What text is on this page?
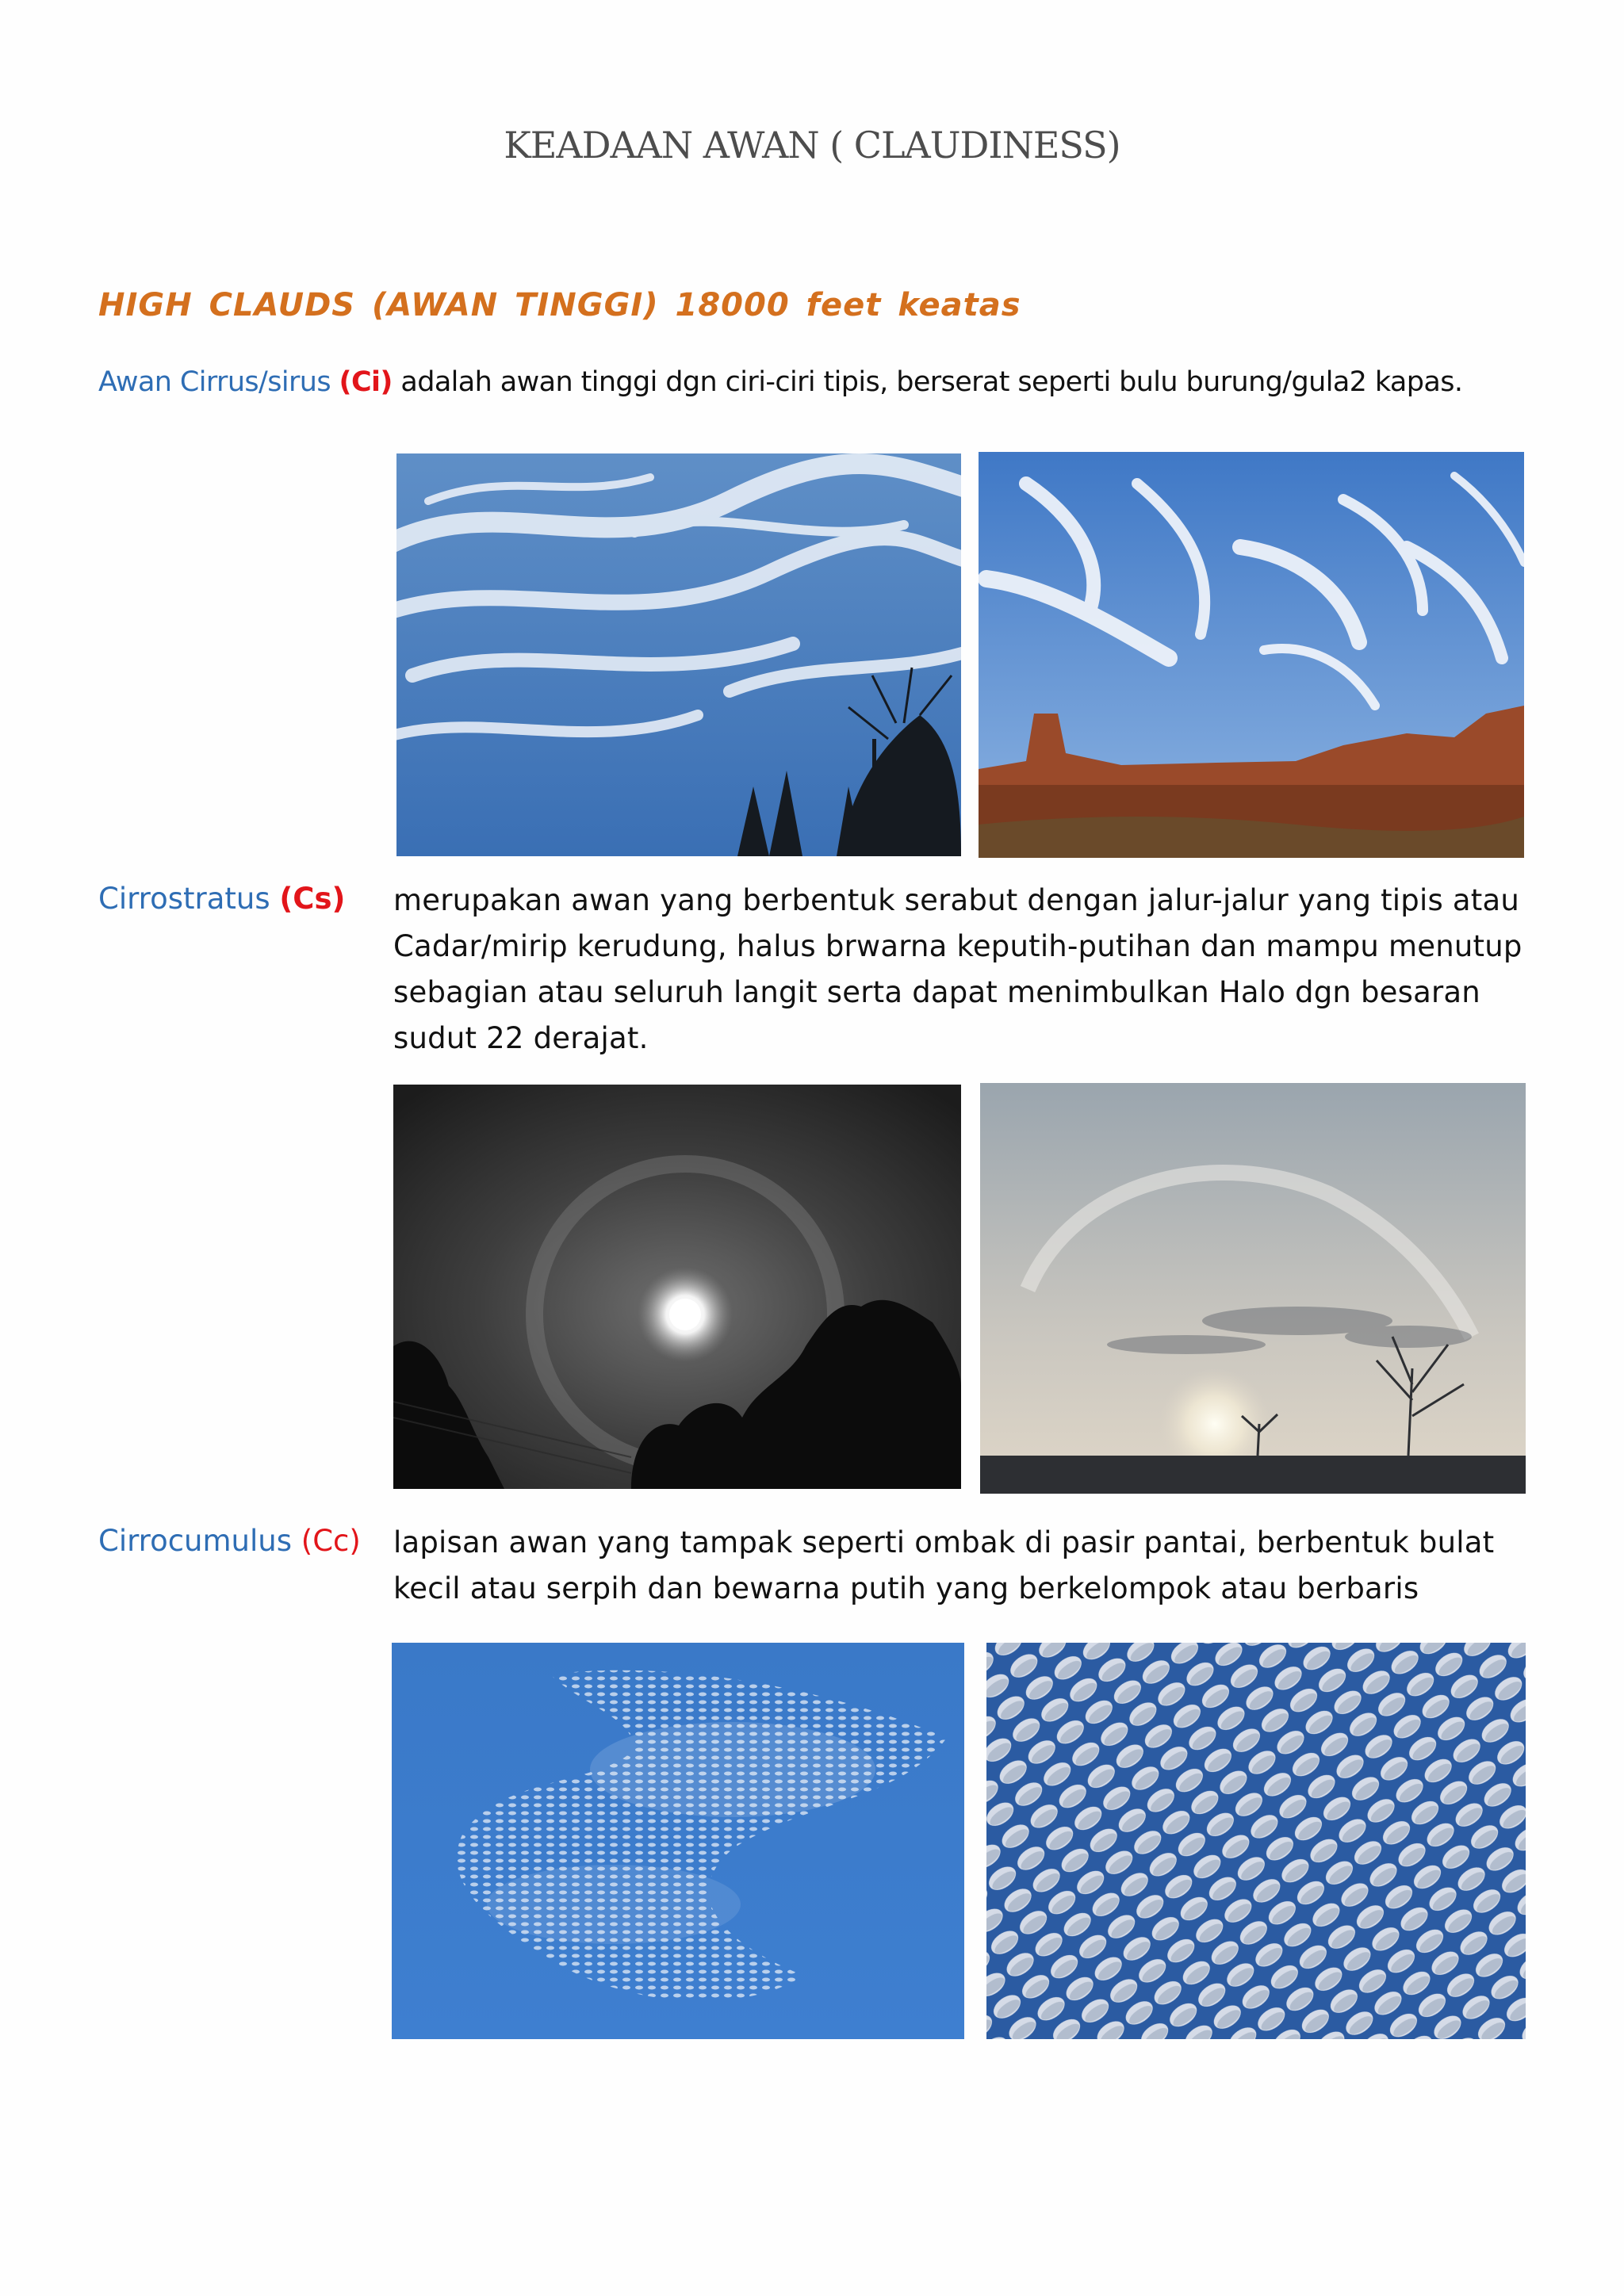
KEADAAN AWAN ( CLAUDINESS)
HIGH CLAUDS (AWAN TINGGI) 18000 feet keatas
Awan Cirrus/sirus (Ci) adalah awan tinggi dgn ciri-ciri tipis, berserat seperti bulu burung/gula2 kapas.
Cirrostratus (Cs) merupakan awan yang berbentuk serabut dengan jalur-jalur yang tipis atau Cadar/mirip kerudung, halus brwarna keputih-putihan dan mampu menutup sebagian atau seluruh langit serta dapat menimbulkan Halo dgn besaran sudut 22 derajat.
Cirrocumulus (Cc) lapisan awan yang tampak seperti ombak di pasir pantai, berbentuk bulat kecil atau serpih dan bewarna putih yang berkelompok atau berbaris
